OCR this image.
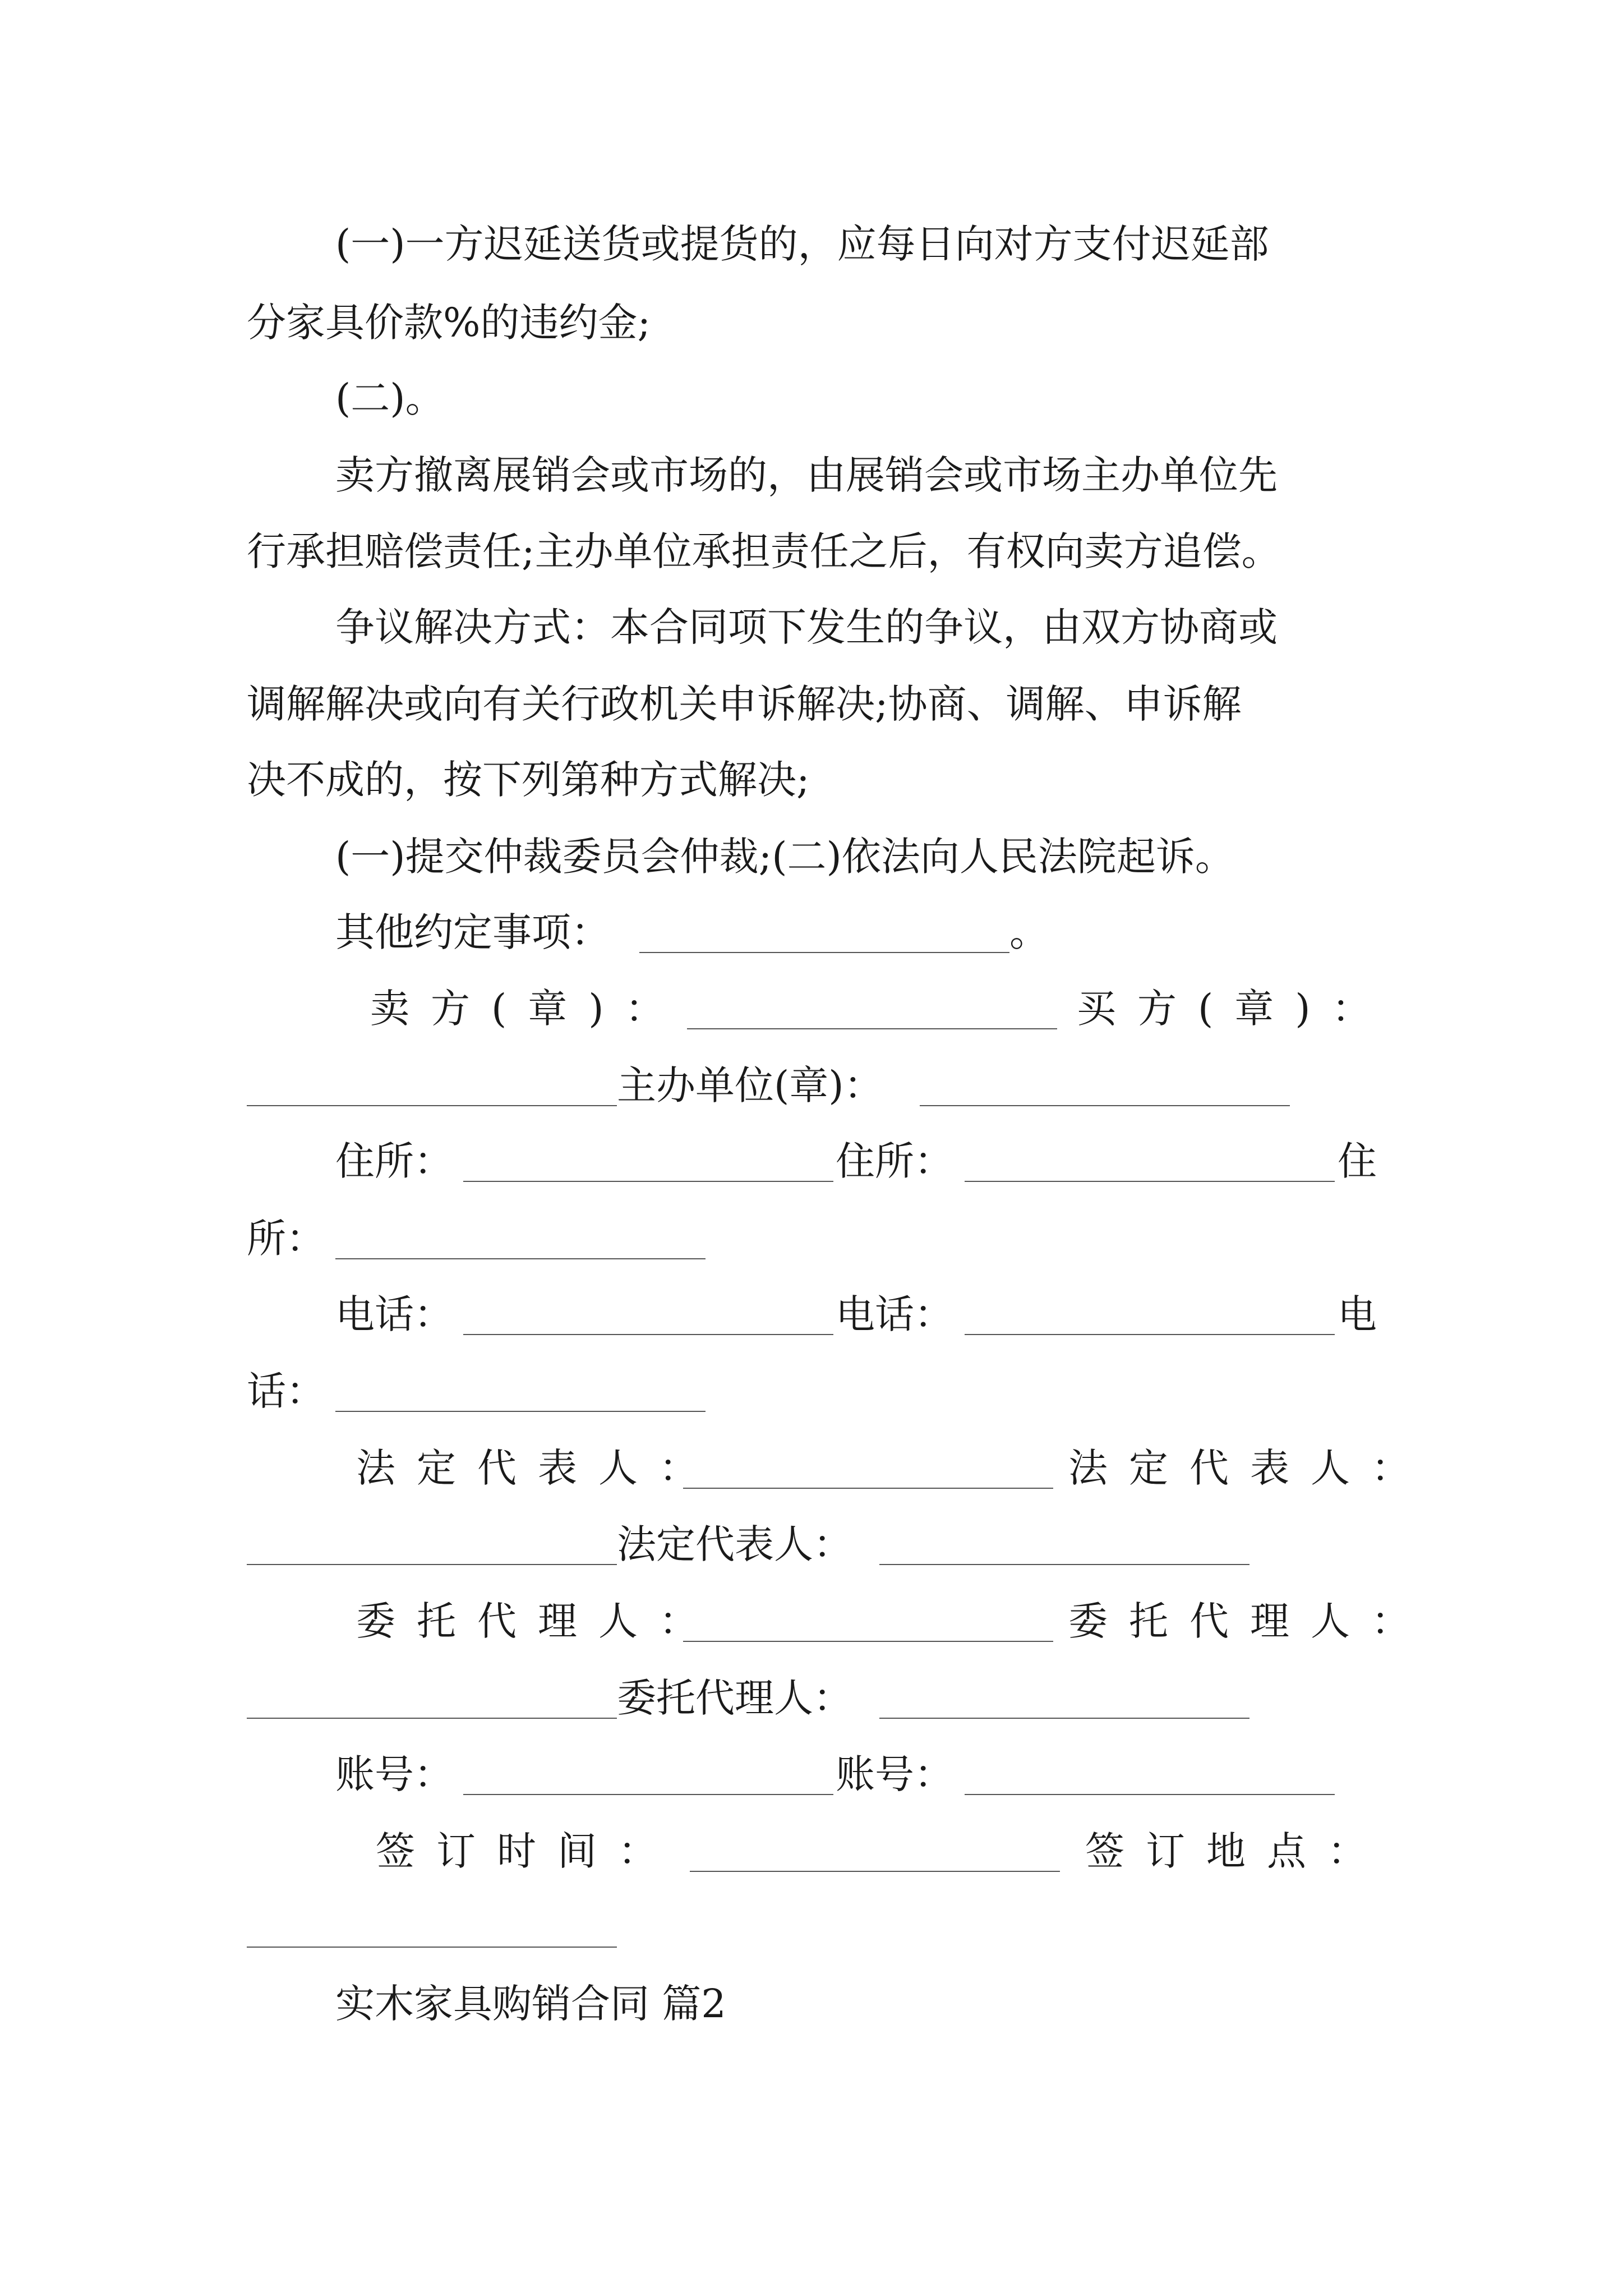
(一)一方迟延送货或提货的，应每日向对方支付迟延部
分家具价款%的违约金;
(二)。
卖方撤离展销会或市场的，由展销会或市场主办单位先
行承担赔偿责任;主办单位承担责任之后，有权向卖方追偿。
争议解决方式：本合同项下发生的争议，由双方协商或
调解解决或向有关行政机关申诉解决;协商、调解、申诉解
决不成的，按下列第种方式解决;
(一)提交仲裁委员会仲裁;(二)依法向人民法院起诉。
其他约定事项：	。
卖方(章)：	买方(章)：
主办单位(章)：
住所：	住所：	住
所：
电话：	电话：	电
话：
法定代表人：	法定代表人：
法定代表人：
委托代理人：	委托代理人：
委托代理人：
账号：	账号：
签订时间：	签订地点：
实木家具购销合同 篇2
